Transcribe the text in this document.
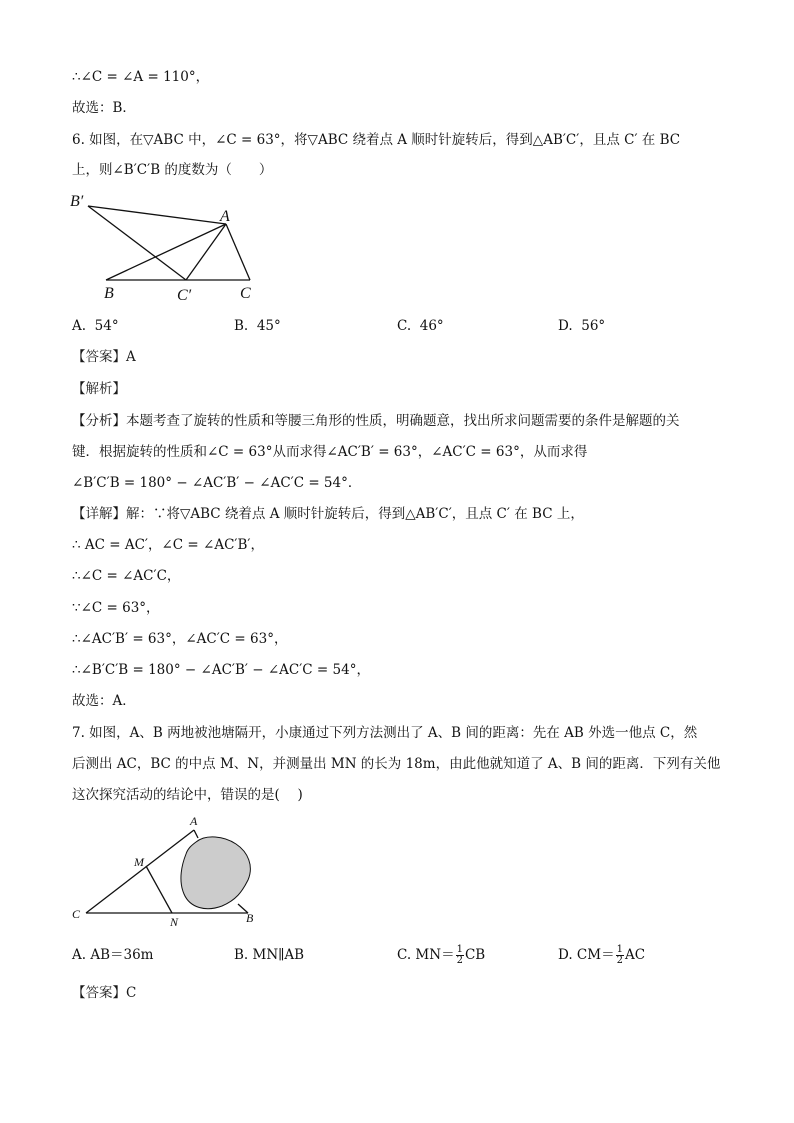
∴∠C = ∠A = 110°，
故选：B．
6. 如图，在▽ABC 中，∠C = 63°，将▽ABC 绕着点 A 顺时针旋转后，得到△AB′C′，且点 C′ 在 BC
上，则∠B′C′B 的度数为（　　）
B′
A
B	C′	C
A. 54°	B. 45°	C. 46°	D. 56°
【答案】A
【解析】
【分析】本题考查了旋转的性质和等腰三角形的性质，明确题意，找出所求问题需要的条件是解题的关
键．根据旋转的性质和∠C = 63°从而求得∠AC′B′ = 63°，∠AC′C = 63°，从而求得
∠B′C′B = 180° − ∠AC′B′ − ∠AC′C = 54°．
【详解】解：∵将▽ABC 绕着点 A 顺时针旋转后，得到△AB′C′，且点 C′ 在 BC 上，
∴ AC = AC′，∠C = ∠AC′B′，
∴∠C = ∠AC′C，
∵∠C = 63°，
∴∠AC′B′ = 63°，∠AC′C = 63°，
∴∠B′C′B = 180° − ∠AC′B′ − ∠AC′C = 54°，
故选：A．
7. 如图，A、B 两地被池塘隔开，小康通过下列方法测出了 A、B 间的距离：先在 AB 外选一他点 C，然
后测出 AC，BC 的中点 M、N，并测量出 MN 的长为 18m，由此他就知道了 A、B 间的距离．下列有关他
这次探究活动的结论中，错误的是(　 )
A
M
C
N	B
A. AB＝36m	B. MN∥AB	C. $MN= \frac{1}{2}$ CB	D. $CM= \frac{1}{2}$ AC
【答案】C
